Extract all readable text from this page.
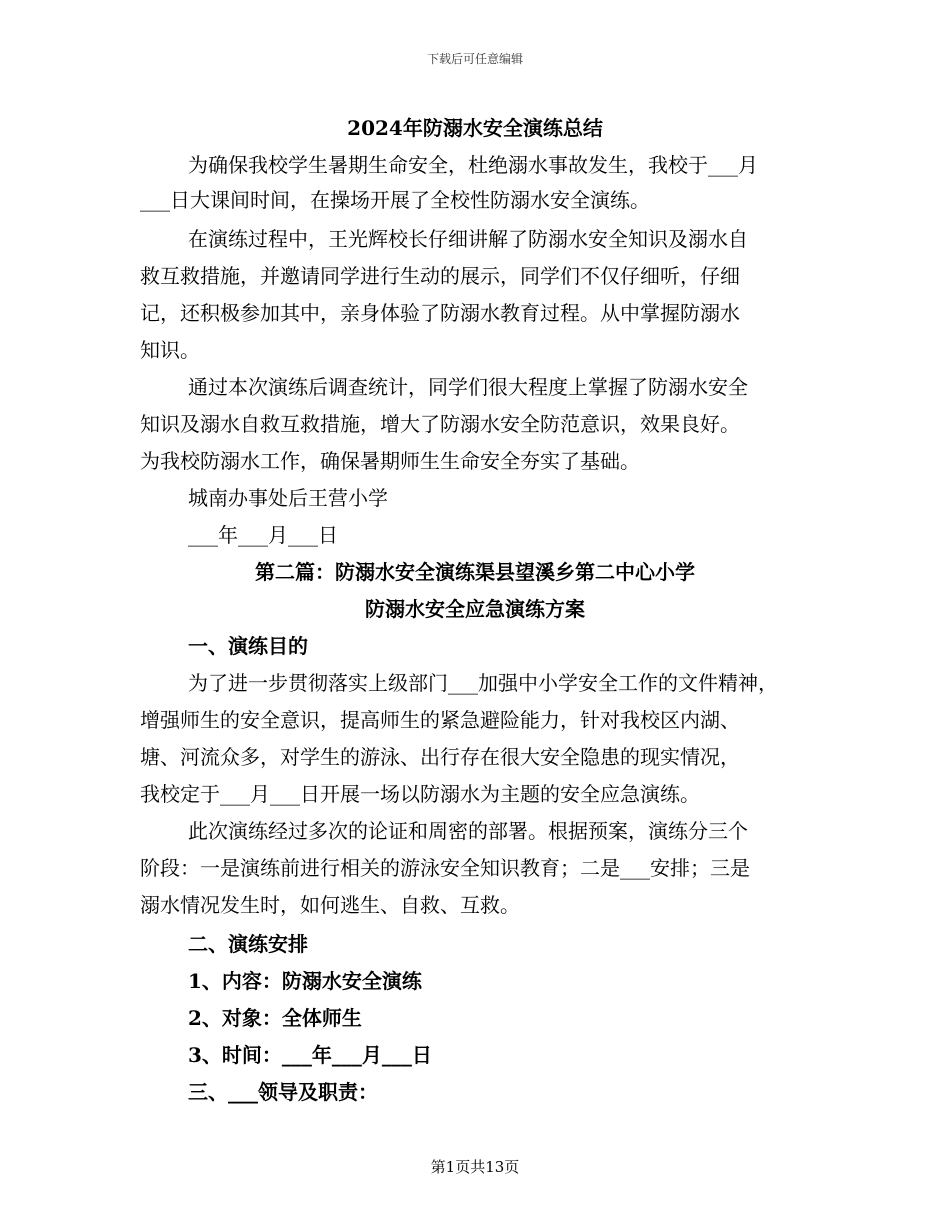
下载后可任意编辑
2024年防溺水安全演练总结
为确保我校学生暑期生命安全，杜绝溺水事故发生，我校于___月
___日大课间时间，在操场开展了全校性防溺水安全演练。
在演练过程中，王光辉校长仔细讲解了防溺水安全知识及溺水自
救互救措施，并邀请同学进行生动的展示，同学们不仅仔细听，仔细
记，还积极参加其中，亲身体验了防溺水教育过程。从中掌握防溺水
知识。
通过本次演练后调查统计，同学们很大程度上掌握了防溺水安全
知识及溺水自救互救措施，增大了防溺水安全防范意识，效果良好。
为我校防溺水工作，确保暑期师生生命安全夯实了基础。
城南办事处后王营小学
___年___月___日
第二篇：防溺水安全演练渠县望溪乡第二中心小学
防溺水安全应急演练方案
一、演练目的
为了进一步贯彻落实上级部门___加强中小学安全工作的文件精神，
增强师生的安全意识，提高师生的紧急避险能力，针对我校区内湖、
塘、河流众多，对学生的游泳、出行存在很大安全隐患的现实情况，
我校定于___月___日开展一场以防溺水为主题的安全应急演练。
此次演练经过多次的论证和周密的部署。根据预案，演练分三个
阶段：一是演练前进行相关的游泳安全知识教育；二是___安排；三是
溺水情况发生时，如何逃生、自救、互救。
二、演练安排
1、内容：防溺水安全演练
2、对象：全体师生
3、时间：___年___月___日
三、___领导及职责：
第1页共13页
